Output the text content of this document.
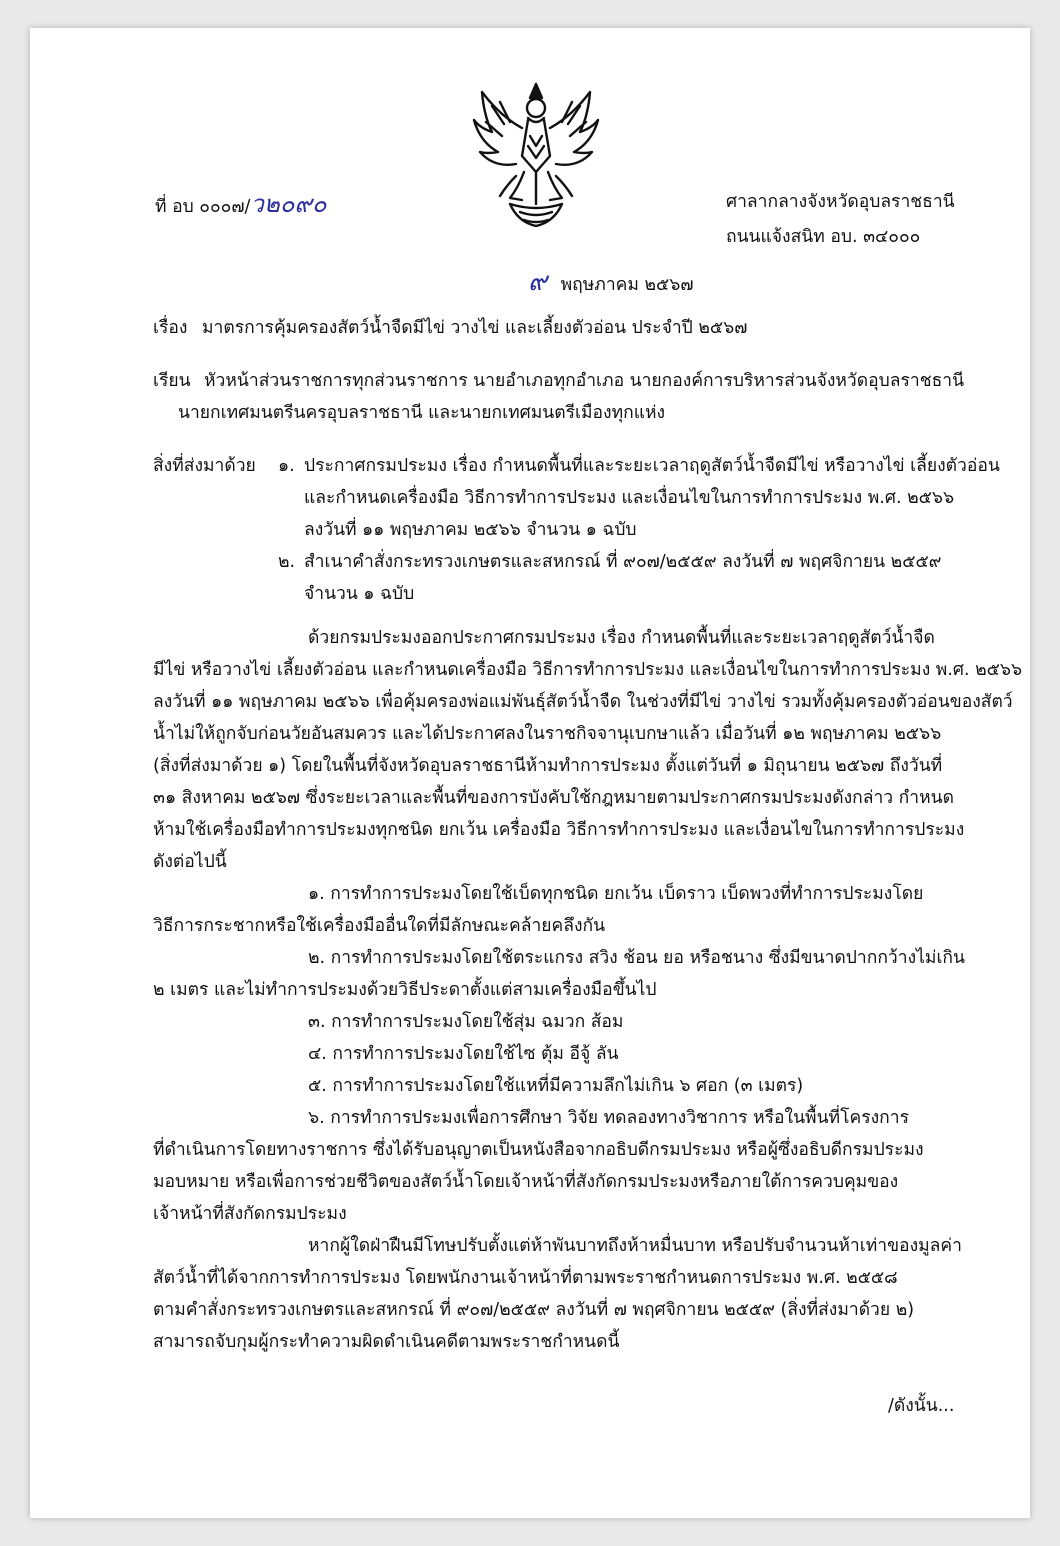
ที่ อบ ๐๐๐๗/ว๒๐๙๐	ศาลากลางจังหวัดอุบลราชธานี
ถนนแจ้งสนิท อบ. ๓๔๐๐๐
๙ พฤษภาคม ๒๕๖๗
เรื่อง มาตรการคุ้มครองสัตว์น้ำจืดมีไข่ วางไข่ และเลี้ยงตัวอ่อน ประจำปี ๒๕๖๗
เรียน หัวหน้าส่วนราชการทุกส่วนราชการ นายอำเภอทุกอำเภอ นายกองค์การบริหารส่วนจังหวัดอุบลราชธานี
นายกเทศมนตรีนครอุบลราชธานี และนายกเทศมนตรีเมืองทุกแห่ง
สิ่งที่ส่งมาด้วย ๑. ประกาศกรมประมง เรื่อง กำหนดพื้นที่และระยะเวลาฤดูสัตว์น้ำจืดมีไข่ หรือวางไข่ เลี้ยงตัวอ่อน
และกำหนดเครื่องมือ วิธีการทำการประมง และเงื่อนไขในการทำการประมง พ.ศ. ๒๕๖๖
ลงวันที่ ๑๑ พฤษภาคม ๒๕๖๖ จำนวน ๑ ฉบับ
๒. สำเนาคำสั่งกระทรวงเกษตรและสหกรณ์ ที่ ๙๐๗/๒๕๕๙ ลงวันที่ ๗ พฤศจิกายน ๒๕๕๙
จำนวน ๑ ฉบับ
ด้วยกรมประมงออกประกาศกรมประมง เรื่อง กำหนดพื้นที่และระยะเวลาฤดูสัตว์น้ำจืด
มีไข่ หรือวางไข่ เลี้ยงตัวอ่อน และกำหนดเครื่องมือ วิธีการทำการประมง และเงื่อนไขในการทำการประมง พ.ศ. ๒๕๖๖
ลงวันที่ ๑๑ พฤษภาคม ๒๕๖๖ เพื่อคุ้มครองพ่อแม่พันธุ์สัตว์น้ำจืด ในช่วงที่มีไข่ วางไข่ รวมทั้งคุ้มครองตัวอ่อนของสัตว์
น้ำไม่ให้ถูกจับก่อนวัยอันสมควร และได้ประกาศลงในราชกิจจานุเบกษาแล้ว เมื่อวันที่ ๑๒ พฤษภาคม ๒๕๖๖
(สิ่งที่ส่งมาด้วย ๑) โดยในพื้นที่จังหวัดอุบลราชธานีห้ามทำการประมง ตั้งแต่วันที่ ๑ มิถุนายน ๒๕๖๗ ถึงวันที่
๓๑ สิงหาคม ๒๕๖๗ ซึ่งระยะเวลาและพื้นที่ของการบังคับใช้กฎหมายตามประกาศกรมประมงดังกล่าว กำหนด
ห้ามใช้เครื่องมือทำการประมงทุกชนิด ยกเว้น เครื่องมือ วิธีการทำการประมง และเงื่อนไขในการทำการประมง
ดังต่อไปนี้
๑. การทำการประมงโดยใช้เบ็ดทุกชนิด ยกเว้น เบ็ดราว เบ็ดพวงที่ทำการประมงโดย
วิธีการกระชากหรือใช้เครื่องมืออื่นใดที่มีลักษณะคล้ายคลึงกัน
๒. การทำการประมงโดยใช้ตระแกรง สวิง ช้อน ยอ หรือชนาง ซึ่งมีขนาดปากกว้างไม่เกิน
๒ เมตร และไม่ทำการประมงด้วยวิธีประดาตั้งแต่สามเครื่องมือขึ้นไป
๓. การทำการประมงโดยใช้สุ่ม ฉมวก ส้อม
๔. การทำการประมงโดยใช้ไซ ตุ้ม อีจู้ ลัน
๕. การทำการประมงโดยใช้แหที่มีความลึกไม่เกิน ๖ ศอก (๓ เมตร)
๖. การทำการประมงเพื่อการศึกษา วิจัย ทดลองทางวิชาการ หรือในพื้นที่โครงการ
ที่ดำเนินการโดยทางราชการ ซึ่งได้รับอนุญาตเป็นหนังสือจากอธิบดีกรมประมง หรือผู้ซึ่งอธิบดีกรมประมง
มอบหมาย หรือเพื่อการช่วยชีวิตของสัตว์น้ำโดยเจ้าหน้าที่สังกัดกรมประมงหรือภายใต้การควบคุมของ
เจ้าหน้าที่สังกัดกรมประมง
หากผู้ใดฝ่าฝืนมีโทษปรับตั้งแต่ห้าพันบาทถึงห้าหมื่นบาท หรือปรับจำนวนห้าเท่าของมูลค่า
สัตว์น้ำที่ได้จากการทำการประมง โดยพนักงานเจ้าหน้าที่ตามพระราชกำหนดการประมง พ.ศ. ๒๕๕๘
ตามคำสั่งกระทรวงเกษตรและสหกรณ์ ที่ ๙๐๗/๒๕๕๙ ลงวันที่ ๗ พฤศจิกายน ๒๕๕๙ (สิ่งที่ส่งมาด้วย ๒)
สามารถจับกุมผู้กระทำความผิดดำเนินคดีตามพระราชกำหนดนี้
/ดังนั้น...
